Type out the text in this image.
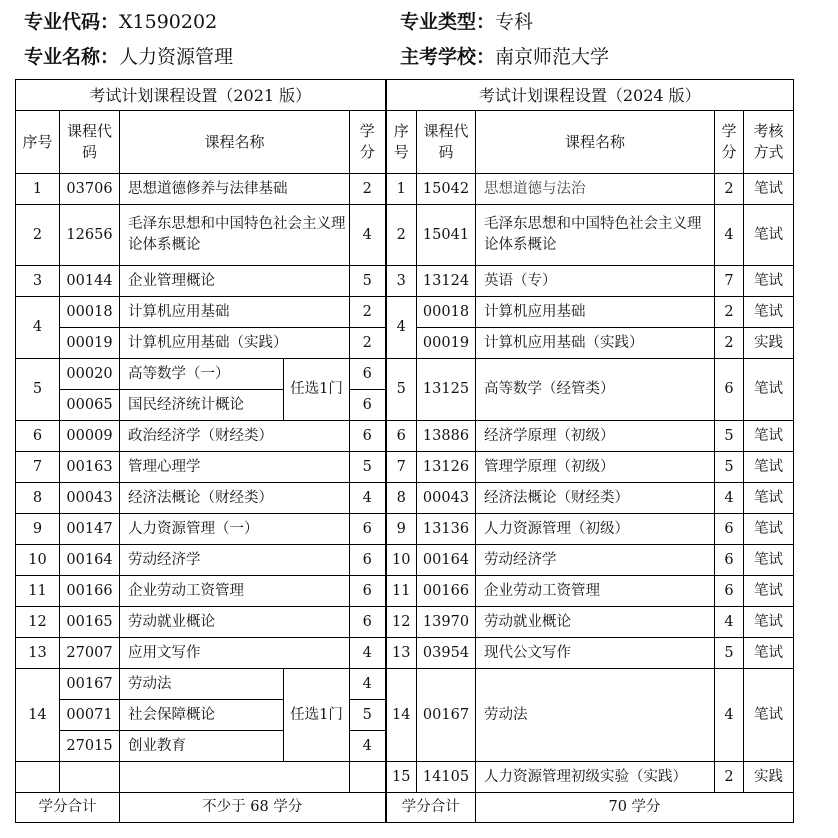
专业代码：X1590202	专业类型：专科
专业名称：人力资源管理	主考学校：南京师范大学
考试计划课程设置（2021 版）					考试计划课程设置（2024 版）				
序号	课程代码	课程名称		学分	序号	课程代码	课程名称	学分	考核方式
1	03706	思想道德修养与法律基础		2	1	15042	思想道德与法治	2	笔试
2	12656	毛泽东思想和中国特色社会主义理论体系概论		4	2	15041	毛泽东思想和中国特色社会主义理论体系概论	4	笔试
3	00144	企业管理概论		5	3	13124	英语（专）	7	笔试
4	00018	计算机应用基础		2	4	00018	计算机应用基础	2	笔试
	00019	计算机应用基础（实践）		2		00019	计算机应用基础（实践）	2	实践
5	00020	高等数学（一）	任选1门	6	5	13125	高等数学（经管类）	6	笔试
	00065	国民经济统计概论		6					
6	00009	政治经济学（财经类）		6	6	13886	经济学原理（初级）	5	笔试
7	00163	管理心理学		5	7	13126	管理学原理（初级）	5	笔试
8	00043	经济法概论（财经类）		4	8	00043	经济法概论（财经类）	4	笔试
9	00147	人力资源管理（一）		6	9	13136	人力资源管理（初级）	6	笔试
10	00164	劳动经济学		6	10	00164	劳动经济学	6	笔试
11	00166	企业劳动工资管理		6	11	00166	企业劳动工资管理	6	笔试
12	00165	劳动就业概论		6	12	13970	劳动就业概论	4	笔试
13	27007	应用文写作		4	13	03954	现代公文写作	5	笔试
14	00167	劳动法	任选1门	4	14	00167	劳动法	4	笔试
	00071	社会保障概论		5					
	27015	创业教育		4					
					15	14105	人力资源管理初级实验（实践）	2	实践
学分合计		不少于 68 学分			学分合计		70 学分		
